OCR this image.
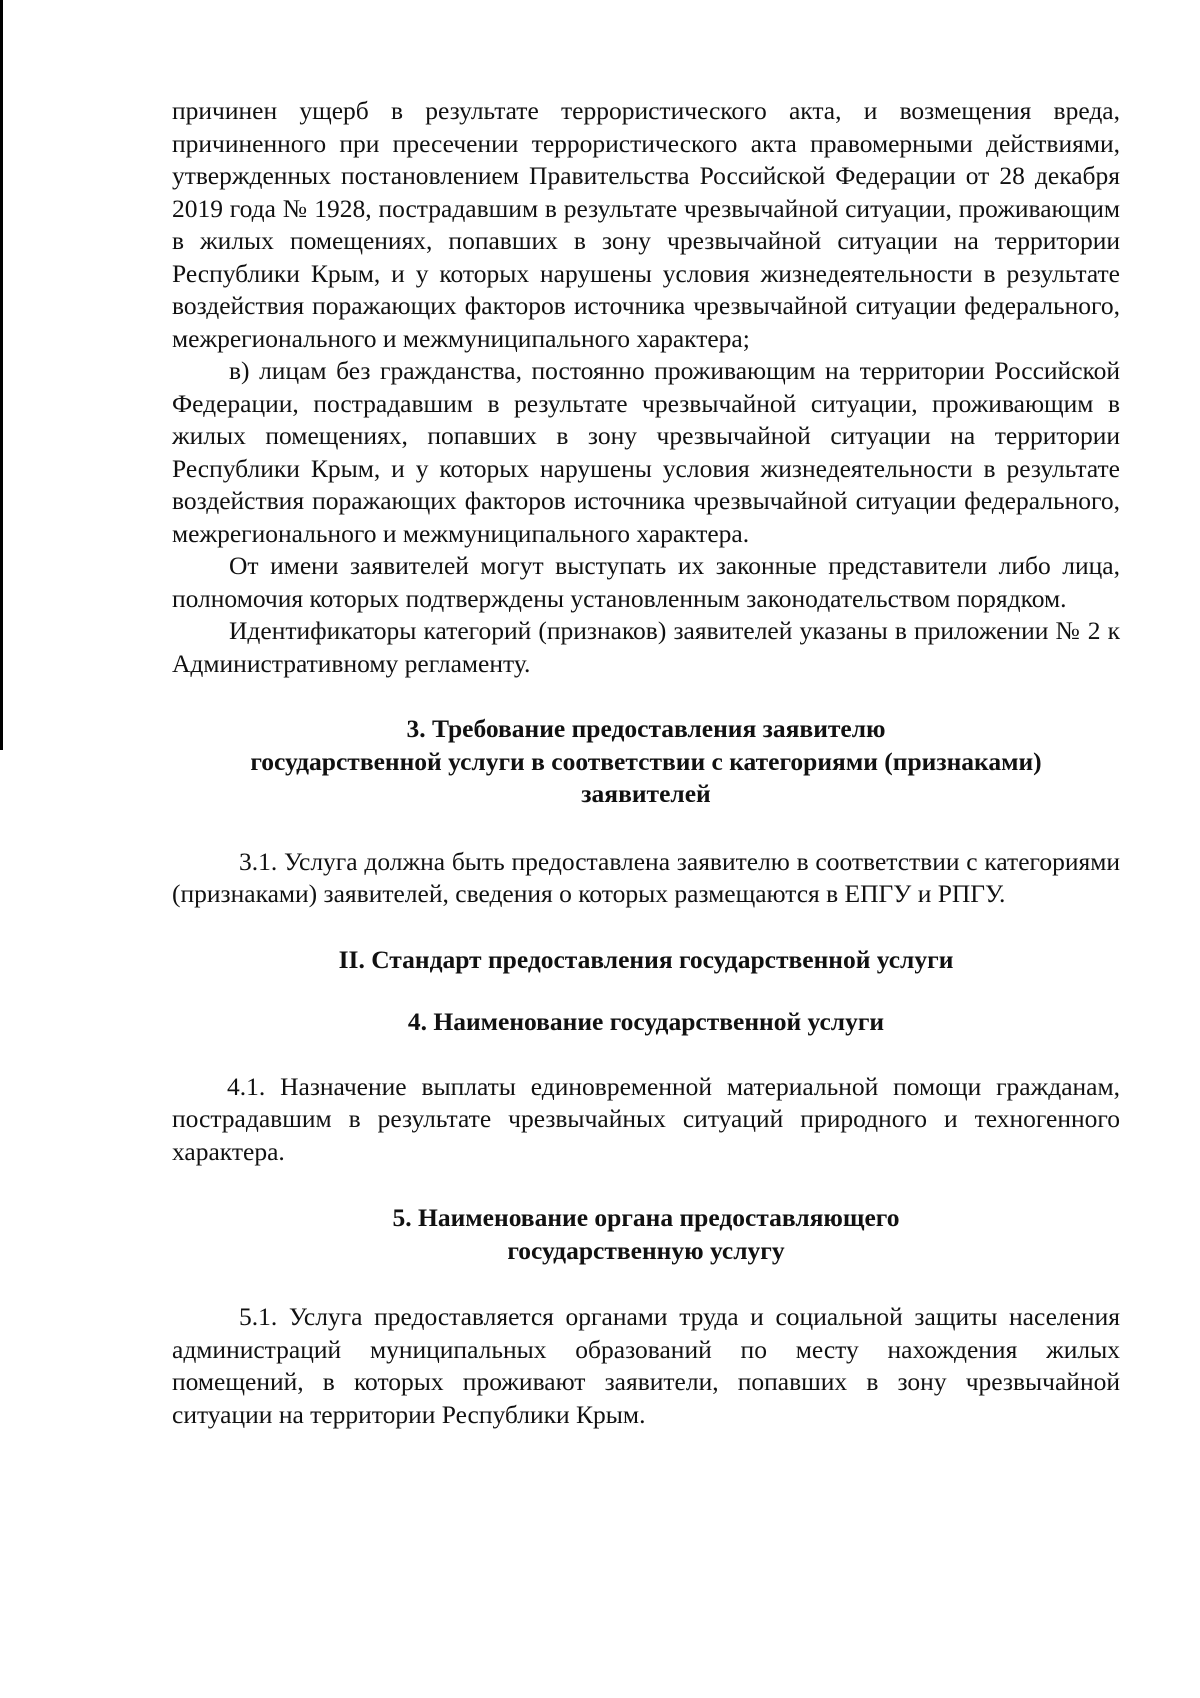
причинен ущерб в результате террористического акта, и возмещения вреда, причиненного при пресечении террористического акта правомерными действиями, утвержденных постановлением Правительства Российской Федерации от 28 декабря 2019 года № 1928, пострадавшим в результате чрезвычайной ситуации, проживающим в жилых помещениях, попавших в зону чрезвычайной ситуации на территории Республики Крым, и у которых нарушены условия жизнедеятельности в результате воздействия поражающих факторов источника чрезвычайной ситуации федерального, межрегионального и межмуниципального характера;

в) лицам без гражданства, постоянно проживающим на территории Российской Федерации, пострадавшим в результате чрезвычайной ситуации, проживающим в жилых помещениях, попавших в зону чрезвычайной ситуации на территории Республики Крым, и у которых нарушены условия жизнедеятельности в результате воздействия поражающих факторов источника чрезвычайной ситуации федерального, межрегионального и межмуниципального характера.

От имени заявителей могут выступать их законные представители либо лица, полномочия которых подтверждены установленным законодательством порядком.

Идентификаторы категорий (признаков) заявителей указаны в приложении № 2 к Административному регламенту.

3. Требование предоставления заявителю
государственной услуги в соответствии с категориями (признаками)
заявителей

3.1. Услуга должна быть предоставлена заявителю в соответствии с категориями (признаками) заявителей, сведения о которых размещаются в ЕПГУ и РПГУ.

II. Стандарт предоставления государственной услуги
4. Наименование государственной услуги

4.1. Назначение выплаты единовременной материальной помощи гражданам, пострадавшим в результате чрезвычайных ситуаций природного и техногенного характера.

5. Наименование органа предоставляющего
государственную услугу

5.1. Услуга предоставляется органами труда и социальной защиты населения администраций муниципальных образований по месту нахождения жилых помещений, в которых проживают заявители, попавших в зону чрезвычайной ситуации на территории Республики Крым.
